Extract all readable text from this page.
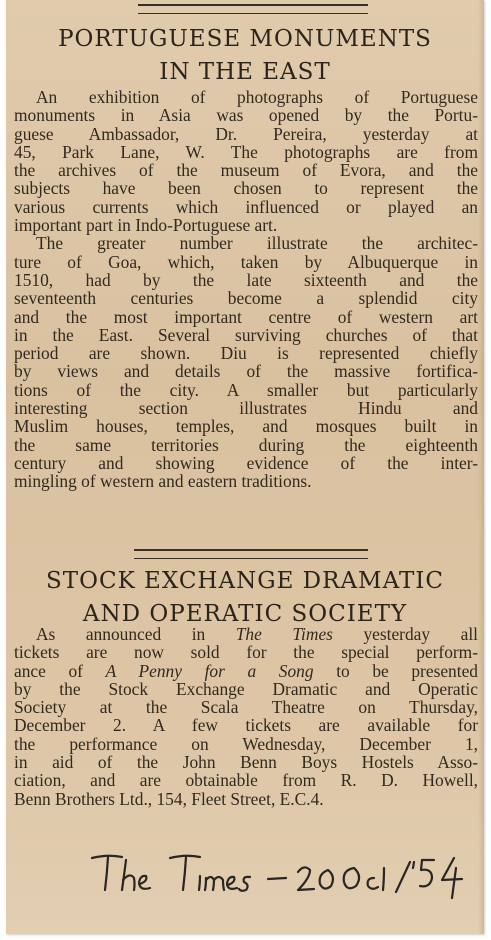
PORTUGUESE MONUMENTS
IN THE EAST

An exhibition of photographs of Portuguese
monuments in Asia was opened by the Portu-
guese Ambassador, Dr. Pereira, yesterday at
45, Park Lane, W. The photographs are from
the archives of the museum of Evora, and the
subjects have been chosen to represent the
various currents which influenced or played an
important part in Indo-Portuguese art.

The greater number illustrate the architec-
ture of Goa, which, taken by Albuquerque in
1510, had by the late sixteenth and the
seventeenth centuries become a splendid city
and the most important centre of western art
in the East. Several surviving churches of that
period are shown. Diu is represented chiefly
by views and details of the massive fortifica-
tions of the city. A smaller but particularly
interesting section illustrates Hindu and
Muslim houses, temples, and mosques built in
the same territories during the eighteenth
century and showing evidence of the inter-
mingling of western and eastern traditions.

STOCK EXCHANGE DRAMATIC
AND OPERATIC SOCIETY

As announced in The Times yesterday all
tickets are now sold for the special perform-
ance of A Penny for a Song to be presented
by the Stock Exchange Dramatic and Operatic
Society at the Scala Theatre on Thursday,
December 2. A few tickets are available for
the performance on Wednesday, December 1,
in aid of the John Benn Boys Hostels Asso-
ciation, and are obtainable from R. D. Howell,
Benn Brothers Ltd., 154, Fleet Street, E.C.4.

The Times - 20 Oct/'54
